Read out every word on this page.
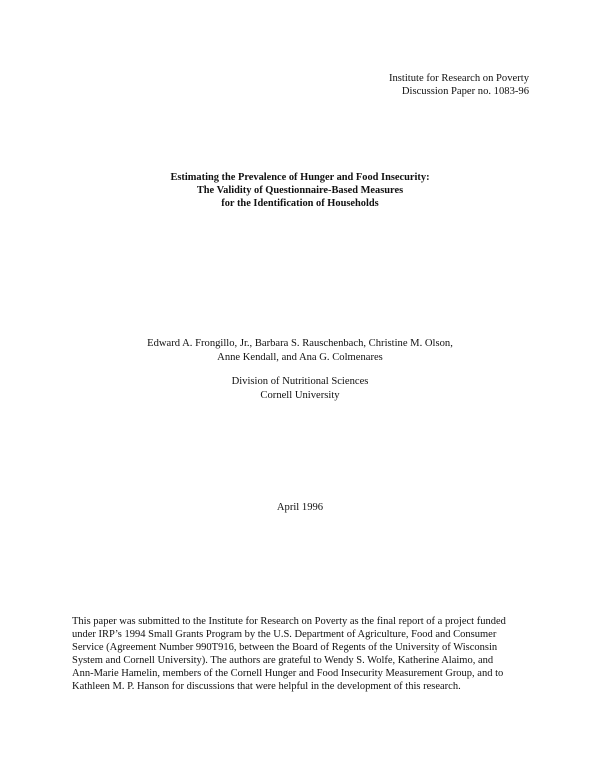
Institute for Research on Poverty
Discussion Paper no. 1083-96
Estimating the Prevalence of Hunger and Food Insecurity:
The Validity of Questionnaire-Based Measures
for the Identification of Households
Edward A. Frongillo, Jr., Barbara S. Rauschenbach, Christine M. Olson,
Anne Kendall, and Ana G. Colmenares
Division of Nutritional Sciences
Cornell University
April 1996
This paper was submitted to the Institute for Research on Poverty as the final report of a project funded
under IRP’s 1994 Small Grants Program by the U.S. Department of Agriculture, Food and Consumer
Service (Agreement Number 990T916, between the Board of Regents of the University of Wisconsin
System and Cornell University). The authors are grateful to Wendy S. Wolfe, Katherine Alaimo, and
Ann-Marie Hamelin, members of the Cornell Hunger and Food Insecurity Measurement Group, and to
Kathleen M. P. Hanson for discussions that were helpful in the development of this research.
